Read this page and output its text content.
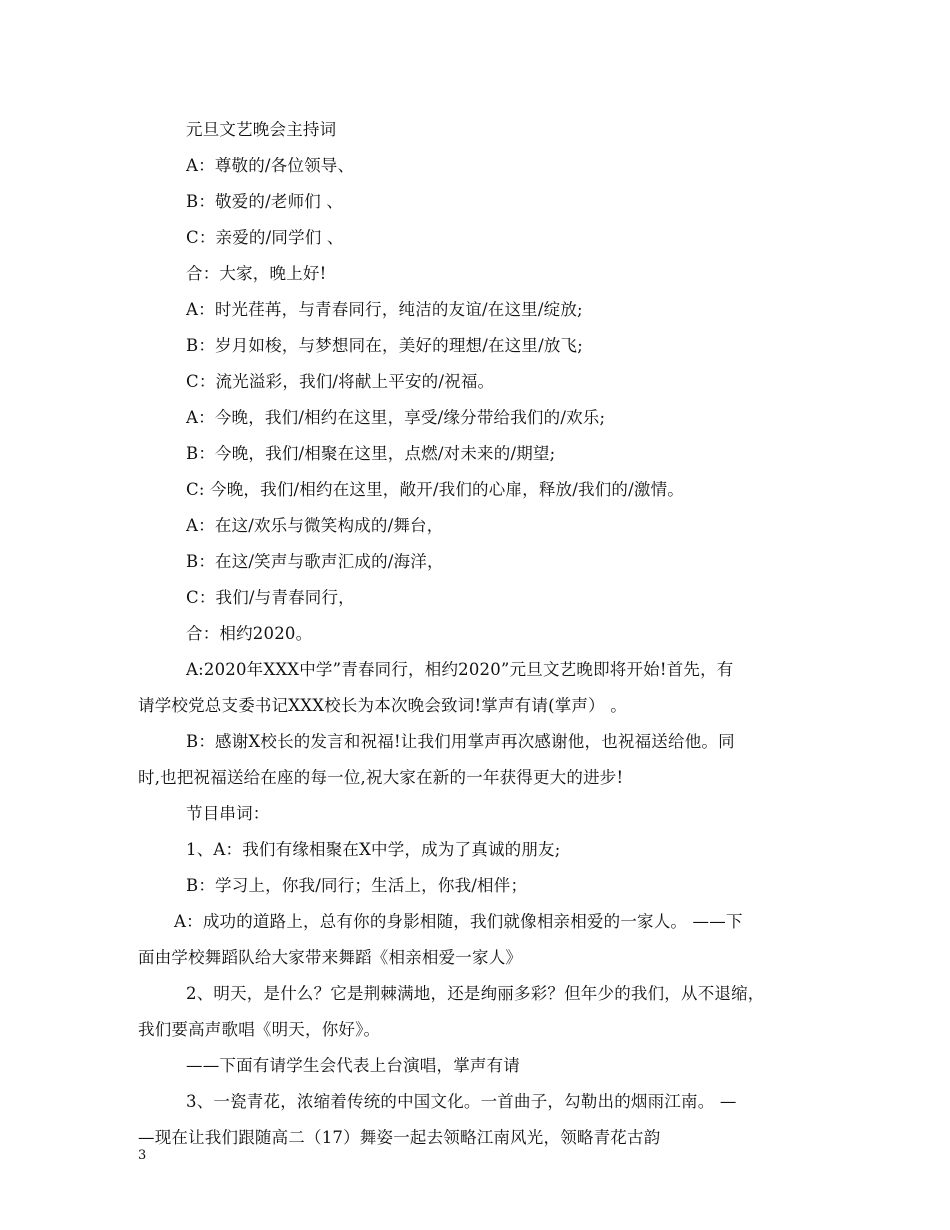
元旦文艺晚会主持词
A：尊敬的/各位领导、
B：敬爱的/老师们 、
C：亲爱的/同学们 、
合：大家，晚上好!
A：时光荏苒，与青春同行，纯洁的友谊/在这里/绽放;
B：岁月如梭，与梦想同在，美好的理想/在这里/放飞;
C：流光溢彩，我们/将献上平安的/祝福。
A：今晚，我们/相约在这里，享受/缘分带给我们的/欢乐;
B：今晚，我们/相聚在这里，点燃/对未来的/期望;
C: 今晚，我们/相约在这里，敞开/我们的心扉，释放/我们的/激情。
A：在这/欢乐与微笑构成的/舞台，
B：在这/笑声与歌声汇成的/海洋，
C：我们/与青春同行，
合：相约2020。
A:2020年XXX中学”青春同行，相约2020”元旦文艺晚即将开始!首先，有
请学校党总支委书记XXX校长为本次晚会致词!掌声有请(掌声） 。
B：感谢X校长的发言和祝福!让我们用掌声再次感谢他，也祝福送给他。同
时,也把祝福送给在座的每一位,祝大家在新的一年获得更大的进步!
节目串词：
1、A：我们有缘相聚在X中学，成为了真诚的朋友;
B：学习上，你我/同行；生活上，你我/相伴；
A：成功的道路上，总有你的身影相随，我们就像相亲相爱的一家人。 ——下
面由学校舞蹈队给大家带来舞蹈《相亲相爱一家人》
2、明天，是什么？它是荆棘满地，还是绚丽多彩？但年少的我们，从不退缩，
我们要高声歌唱《明天，你好》。
——下面有请学生会代表上台演唱，掌声有请
3、一瓷青花，浓缩着传统的中国文化。一首曲子，勾勒出的烟雨江南。 —
—现在让我们跟随高二（17）舞姿一起去领略江南风光，领略青花古韵
3
